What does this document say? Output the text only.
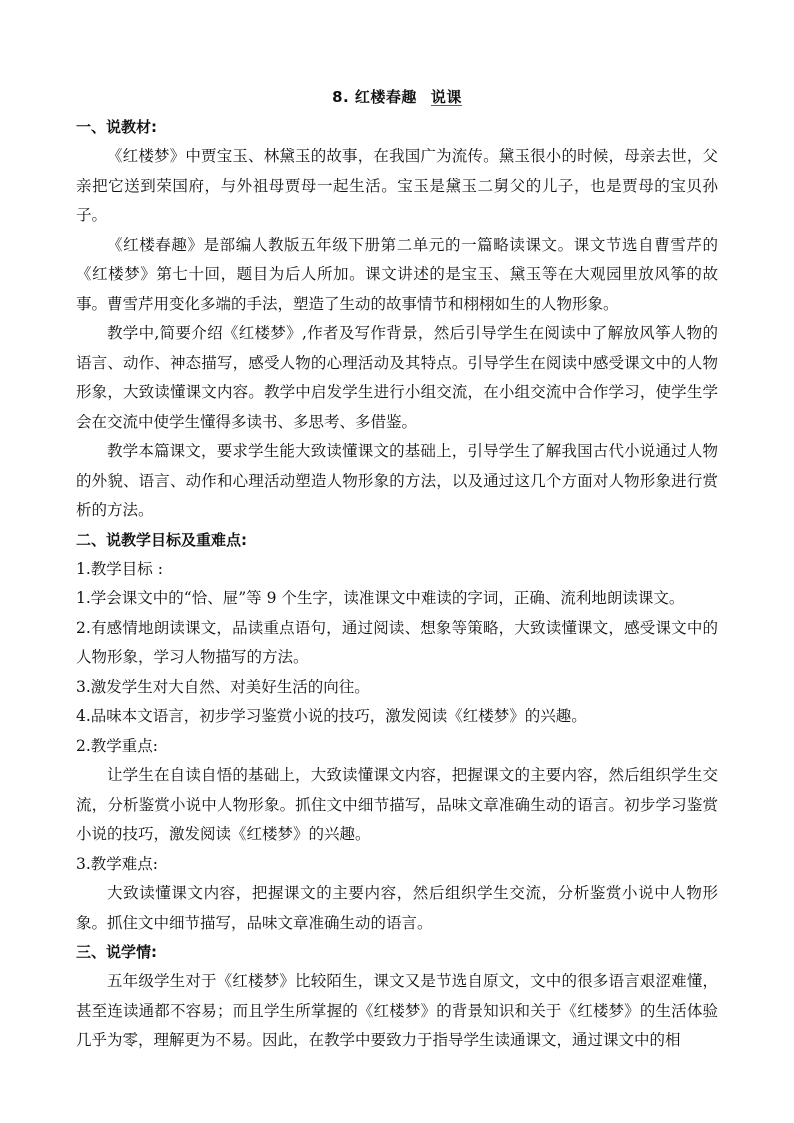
8. 红楼春趣 说课

一、说教材:

《红楼梦》中贾宝玉、林黛玉的故事，在我国广为流传。黛玉很小的时候，母亲去世，父亲把它送到荣国府，与外祖母贾母一起生活。宝玉是黛玉二舅父的儿子，也是贾母的宝贝孙子。

《红楼春趣》是部编人教版五年级下册第二单元的一篇略读课文。课文节选自曹雪芹的《红楼梦》第七十回，题目为后人所加。课文讲述的是宝玉、黛玉等在大观园里放风筝的故事。曹雪芹用变化多端的手法，塑造了生动的故事情节和栩栩如生的人物形象。

教学中,简要介绍《红楼梦》,作者及写作背景，然后引导学生在阅读中了解放风筝人物的语言、动作、神态描写，感受人物的心理活动及其特点。引导学生在阅读中感受课文中的人物形象，大致读懂课文内容。教学中启发学生进行小组交流，在小组交流中合作学习，使学生学会在交流中使学生懂得多读书、多思考、多借鉴。

教学本篇课文，要求学生能大致读懂课文的基础上，引导学生了解我国古代小说通过人物的外貌、语言、动作和心理活动塑造人物形象的方法，以及通过这几个方面对人物形象进行赏析的方法。

二、说教学目标及重难点:

1.教学目标 :

1.学会课文中的“恰、屉”等 9 个生字，读准课文中难读的字词，正确、流利地朗读课文。

2.有感情地朗读课文，品读重点语句，通过阅读、想象等策略，大致读懂课文，感受课文中的人物形象，学习人物描写的方法。

3.激发学生对大自然、对美好生活的向往。

4.品味本文语言，初步学习鉴赏小说的技巧，激发阅读《红楼梦》的兴趣。

2.教学重点:

让学生在自读自悟的基础上，大致读懂课文内容，把握课文的主要内容，然后组织学生交流，分析鉴赏小说中人物形象。抓住文中细节描写，品味文章准确生动的语言。初步学习鉴赏小说的技巧，激发阅读《红楼梦》的兴趣。

3.教学难点:

大致读懂课文内容，把握课文的主要内容，然后组织学生交流，分析鉴赏小说中人物形象。抓住文中细节描写，品味文章准确生动的语言。

三、说学情:

五年级学生对于《红楼梦》比较陌生，课文又是节选自原文，文中的很多语言艰涩难懂，甚至连读通都不容易；而且学生所掌握的《红楼梦》的背景知识和关于《红楼梦》的生活体验几乎为零，理解更为不易。因此，在教学中要致力于指导学生读通课文，通过课文中的相
